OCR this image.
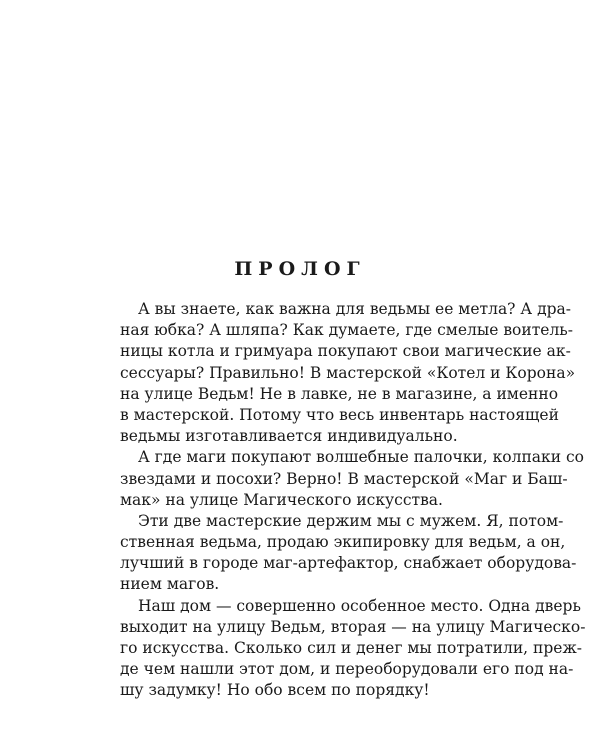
ПРОЛОГ
А вы знаете, как важна для ведьмы ее метла? А дра-
ная юбка? А шляпа? Как думаете, где смелые воитель-
ницы котла и гримуара покупают свои магические ак-
сессуары? Правильно! В мастерской «Котел и Корона»
на улице Ведьм! Не в лавке, не в магазине, а именно
в мастерской. Потому что весь инвентарь настоящей
ведьмы изготавливается индивидуально.
А где маги покупают волшебные палочки, колпаки со
звездами и посохи? Верно! В мастерской «Маг и Баш-
мак» на улице Магического искусства.
Эти две мастерские держим мы с мужем. Я, потом-
ственная ведьма, продаю экипировку для ведьм, а он,
лучший в городе маг-артефактор, снабжает оборудова-
нием магов.
Наш дом — совершенно особенное место. Одна дверь
выходит на улицу Ведьм, вторая — на улицу Магическо-
го искусства. Сколько сил и денег мы потратили, преж-
де чем нашли этот дом, и переоборудовали его под на-
шу задумку! Но обо всем по порядку!
